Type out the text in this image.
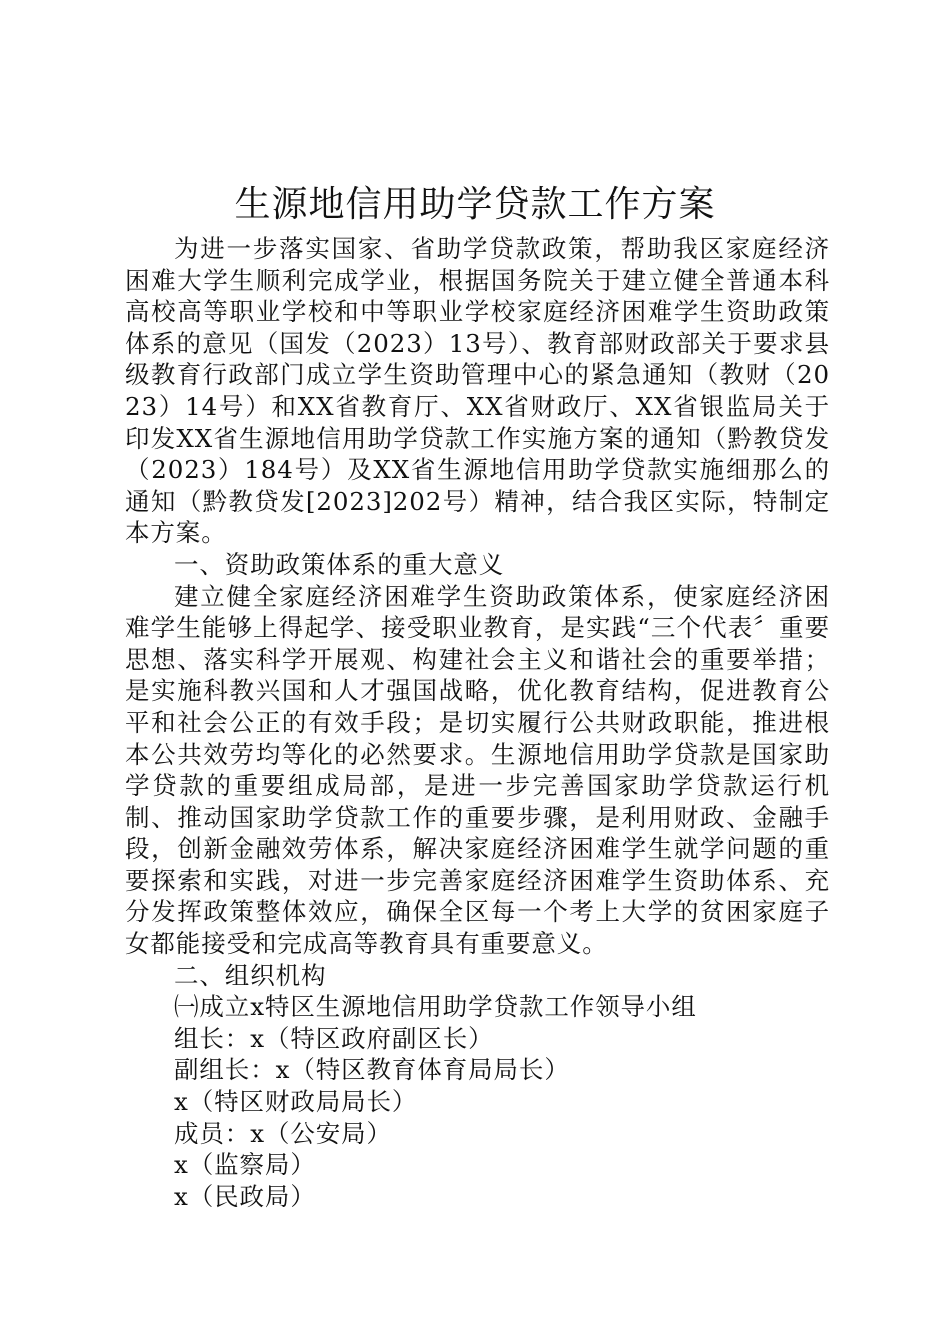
生源地信用助学贷款工作方案

为进一步落实国家、省助学贷款政策，帮助我区家庭经济困难大学生顺利完成学业，根据国务院关于建立健全普通本科高校高等职业学校和中等职业学校家庭经济困难学生资助政策体系的意见（国发（2023）13号）、教育部财政部关于要求县级教育行政部门成立学生资助管理中心的紧急通知（教财（2023）14号）和XX省教育厅、XX省财政厅、XX省银监局关于印发XX省生源地信用助学贷款工作实施方案的通知（黔教贷发（2023）184号）及XX省生源地信用助学贷款实施细那么的通知（黔教贷发[2023]202号）精神，结合我区实际，特制定本方案。

一、资助政策体系的重大意义

建立健全家庭经济困难学生资助政策体系，使家庭经济困难学生能够上得起学、接受职业教育，是实践“三个代表〞重要思想、落实科学开展观、构建社会主义和谐社会的重要举措；是实施科教兴国和人才强国战略，优化教育结构，促进教育公平和社会公正的有效手段；是切实履行公共财政职能，推进根本公共效劳均等化的必然要求。生源地信用助学贷款是国家助学贷款的重要组成局部，是进一步完善国家助学贷款运行机制、推动国家助学贷款工作的重要步骤，是利用财政、金融手段，创新金融效劳体系，解决家庭经济困难学生就学问题的重要探索和实践，对进一步完善家庭经济困难学生资助体系、充分发挥政策整体效应，确保全区每一个考上大学的贫困家庭子女都能接受和完成高等教育具有重要意义。

二、组织机构

㈠成立x特区生源地信用助学贷款工作领导小组

组长：x（特区政府副区长）

副组长：x（特区教育体育局局长）

x（特区财政局局长）

成员：x（公安局）

x（监察局）

x（民政局）
